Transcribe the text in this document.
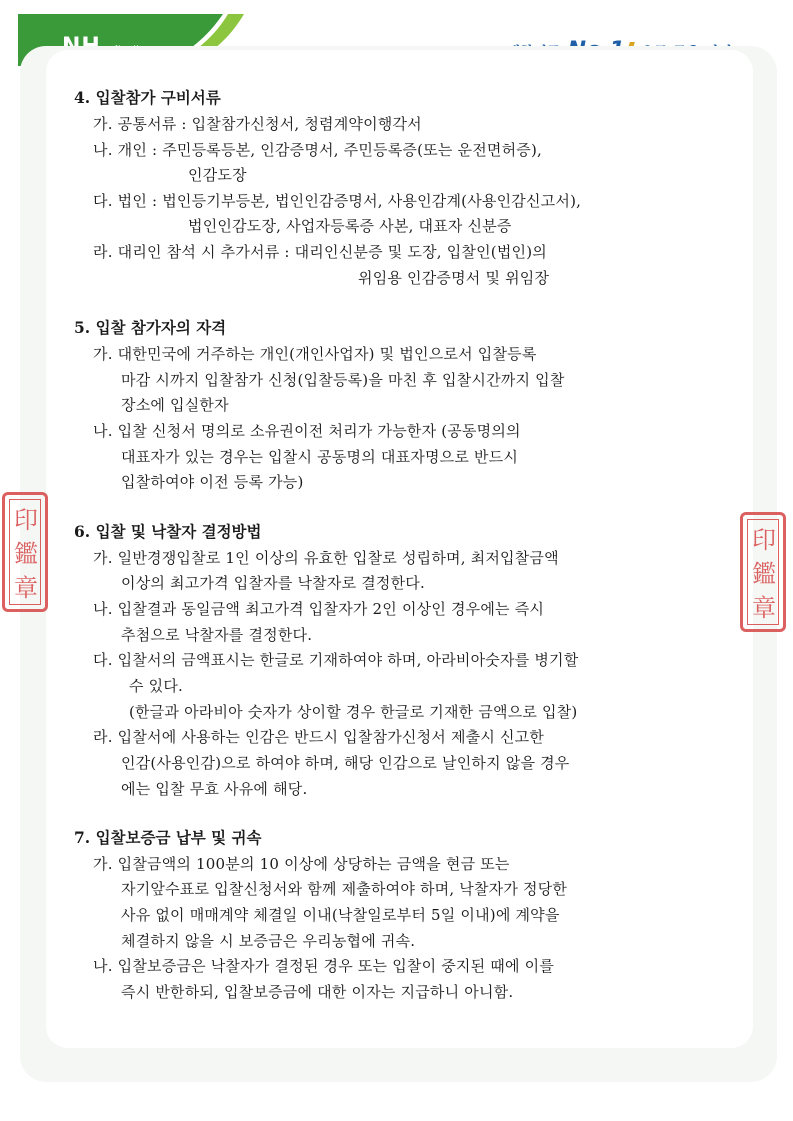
印
鑑
章
印
鑑
章
4. 입찰참가 구비서류
가. 공통서류 : 입찰참가신청서, 청렴계약이행각서
나. 개인 : 주민등록등본, 인감증명서, 주민등록증(또는 운전면허증),
인감도장
다. 법인 : 법인등기부등본, 법인인감증명서, 사용인감계(사용인감신고서),
법인인감도장, 사업자등록증 사본, 대표자 신분증
라. 대리인 참석 시 추가서류 : 대리인신분증 및 도장, 입찰인(법인)의
위임용 인감증명서 및 위임장
5. 입찰 참가자의 자격
가. 대한민국에 거주하는 개인(개인사업자) 및 법인으로서 입찰등록
마감 시까지 입찰참가 신청(입찰등록)을 마친 후 입찰시간까지 입찰
장소에 입실한자
나. 입찰 신청서 명의로 소유권이전 처리가 가능한자 (공동명의의
대표자가 있는 경우는 입찰시 공동명의 대표자명으로 반드시
입찰하여야 이전 등록 가능)
6. 입찰 및 낙찰자 결정방법
가. 일반경쟁입찰로 1인 이상의 유효한 입찰로 성립하며, 최저입찰금액
이상의 최고가격 입찰자를 낙찰자로 결정한다.
나. 입찰결과 동일금액 최고가격 입찰자가 2인 이상인 경우에는 즉시
추첨으로 낙찰자를 결정한다.
다. 입찰서의 금액표시는 한글로 기재하여야 하며, 아라비아숫자를 병기할
수 있다.
(한글과 아라비아 숫자가 상이할 경우 한글로 기재한 금액으로 입찰)
라. 입찰서에 사용하는 인감은 반드시 입찰참가신청서 제출시 신고한
인감(사용인감)으로 하여야 하며, 해당 인감으로 날인하지 않을 경우
에는 입찰 무효 사유에 해당.
7. 입찰보증금 납부 및 귀속
가. 입찰금액의 100분의 10 이상에 상당하는 금액을 현금 또는
자기앞수표로 입찰신청서와 함께 제출하여야 하며, 낙찰자가 정당한
사유 없이 매매계약 체결일 이내(낙찰일로부터 5일 이내)에 계약을
체결하지 않을 시 보증금은 우리농협에 귀속.
나. 입찰보증금은 낙찰자가 결정된 경우 또는 입찰이 중지된 때에 이를
즉시 반한하되, 입찰보증금에 대한 이자는 지급하니 아니함.
